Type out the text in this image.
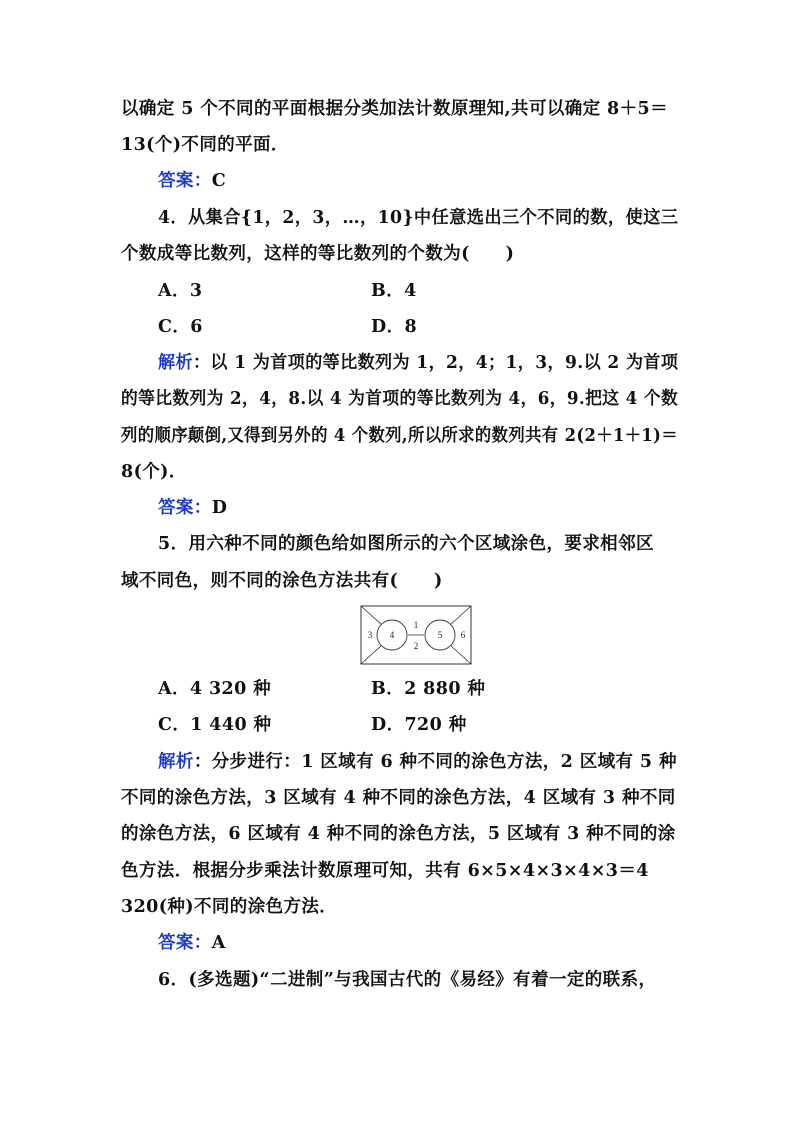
以确定 5 个不同的平面根据分类加法计数原理知,共可以确定 8＋5＝
13(个)不同的平面．
答案：C
4．从集合{1，2，3，…，10}中任意选出三个不同的数，使这三
个数成等比数列，这样的等比数列的个数为(　　)
A．3	B．4
C．6	D．8
解析：以 1 为首项的等比数列为 1，2，4；1，3，9.以 2 为首项
的等比数列为 2，4，8.以 4 为首项的等比数列为 4，6，9.把这 4 个数
列的顺序颠倒,又得到另外的 4 个数列,所以所求的数列共有 2(2＋1＋1)＝
8(个)．
答案：D
5．用六种不同的颜色给如图所示的六个区域涂色，要求相邻区
域不同色，则不同的涂色方法共有(　　)
1
2
3 4	5 6
A．4 320 种	B．2 880 种
C．1 440 种	D．720 种
解析：分步进行：1 区域有 6 种不同的涂色方法，2 区域有 5 种
不同的涂色方法，3 区域有 4 种不同的涂色方法，4 区域有 3 种不同
的涂色方法，6 区域有 4 种不同的涂色方法，5 区域有 3 种不同的涂
色方法．根据分步乘法计数原理可知，共有 6×5×4×3×4×3＝4
320(种)不同的涂色方法．
答案：A
6．(多选题)“二进制”与我国古代的《易经》有着一定的联系，
